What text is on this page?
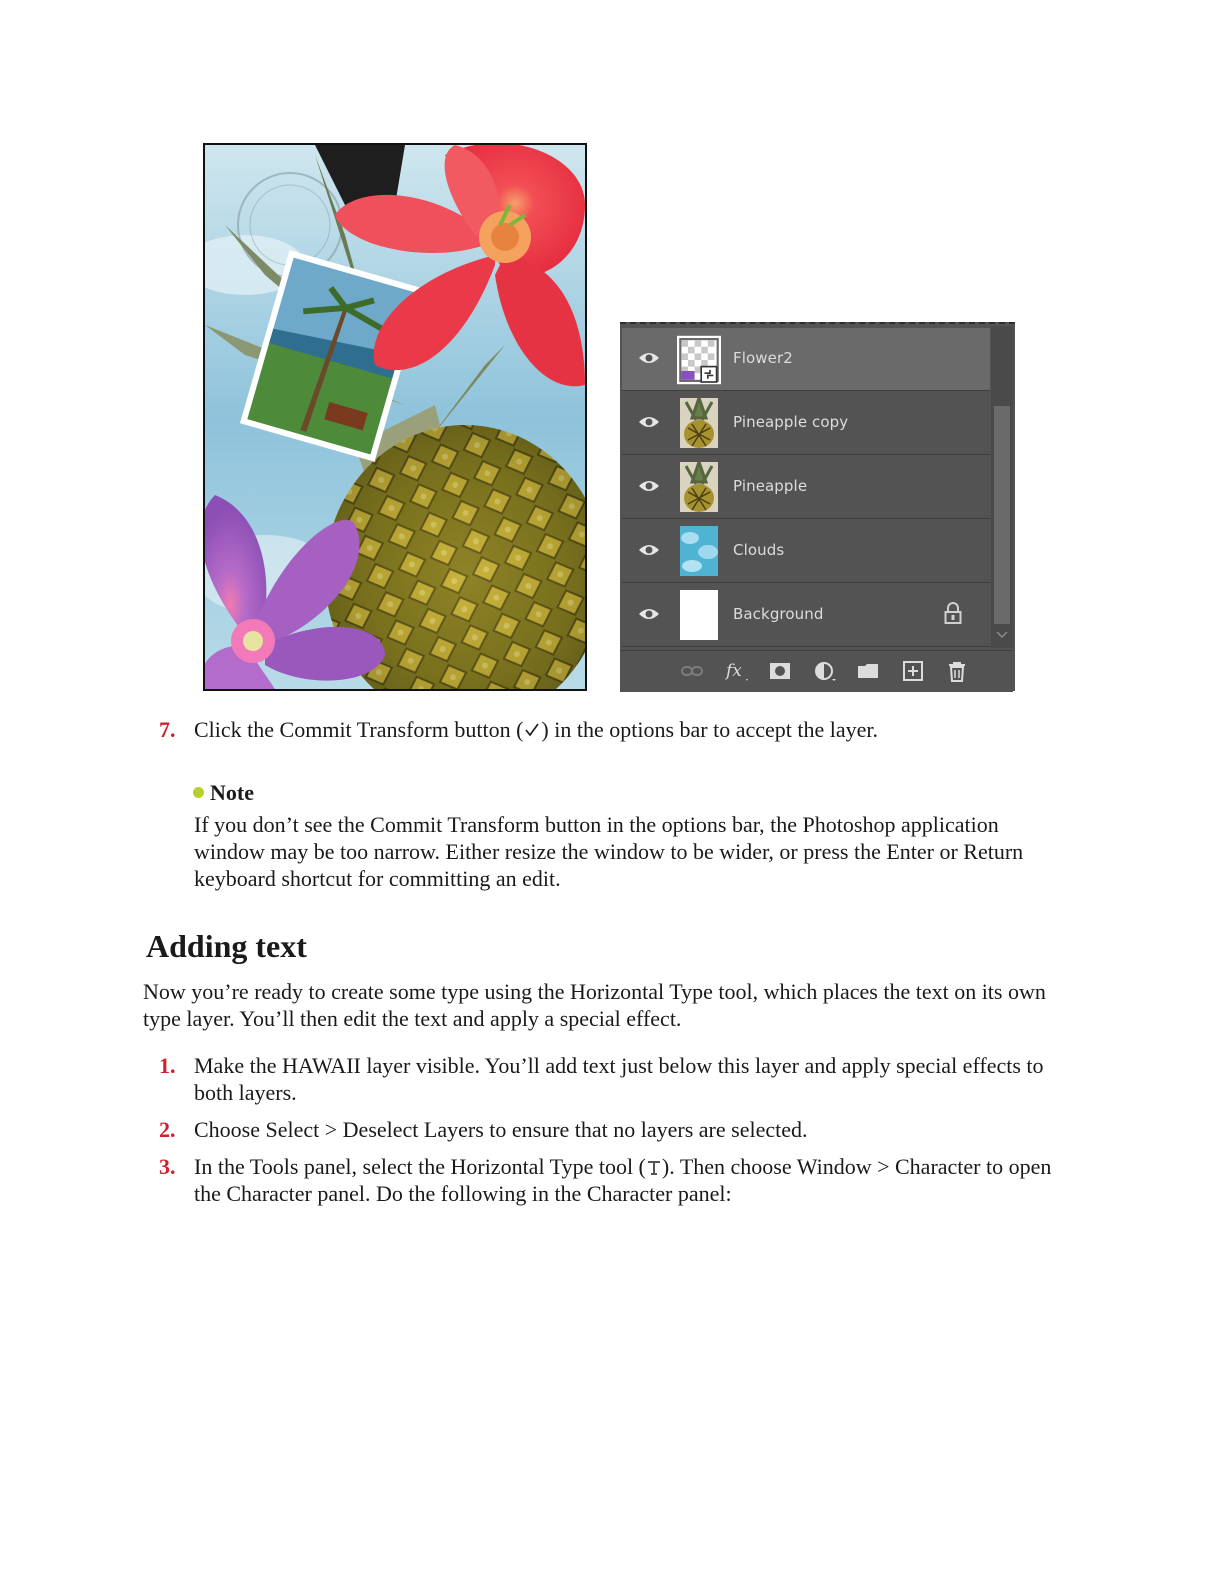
Flower2
Pineapple copy
Pineapple
Clouds
Background
fx
7. Click the Commit Transform button ( ) in the options bar to accept the layer.
Note
If you don’t see the Commit Transform button in the options bar, the Photoshop application window may be too narrow. Either resize the window to be wider, or press the Enter or Return keyboard shortcut for committing an edit.
Adding text
Now you’re ready to create some type using the Horizontal Type tool, which places the text on its own type layer. You’ll then edit the text and apply a special effect.
1. Make the HAWAII layer visible. You’ll add text just below this layer and apply special effects to both layers.
2. Choose Select > Deselect Layers to ensure that no layers are selected.
3. In the Tools panel, select the Horizontal Type tool ( ). Then choose Window > Character to open the Character panel. Do the following in the Character panel:
